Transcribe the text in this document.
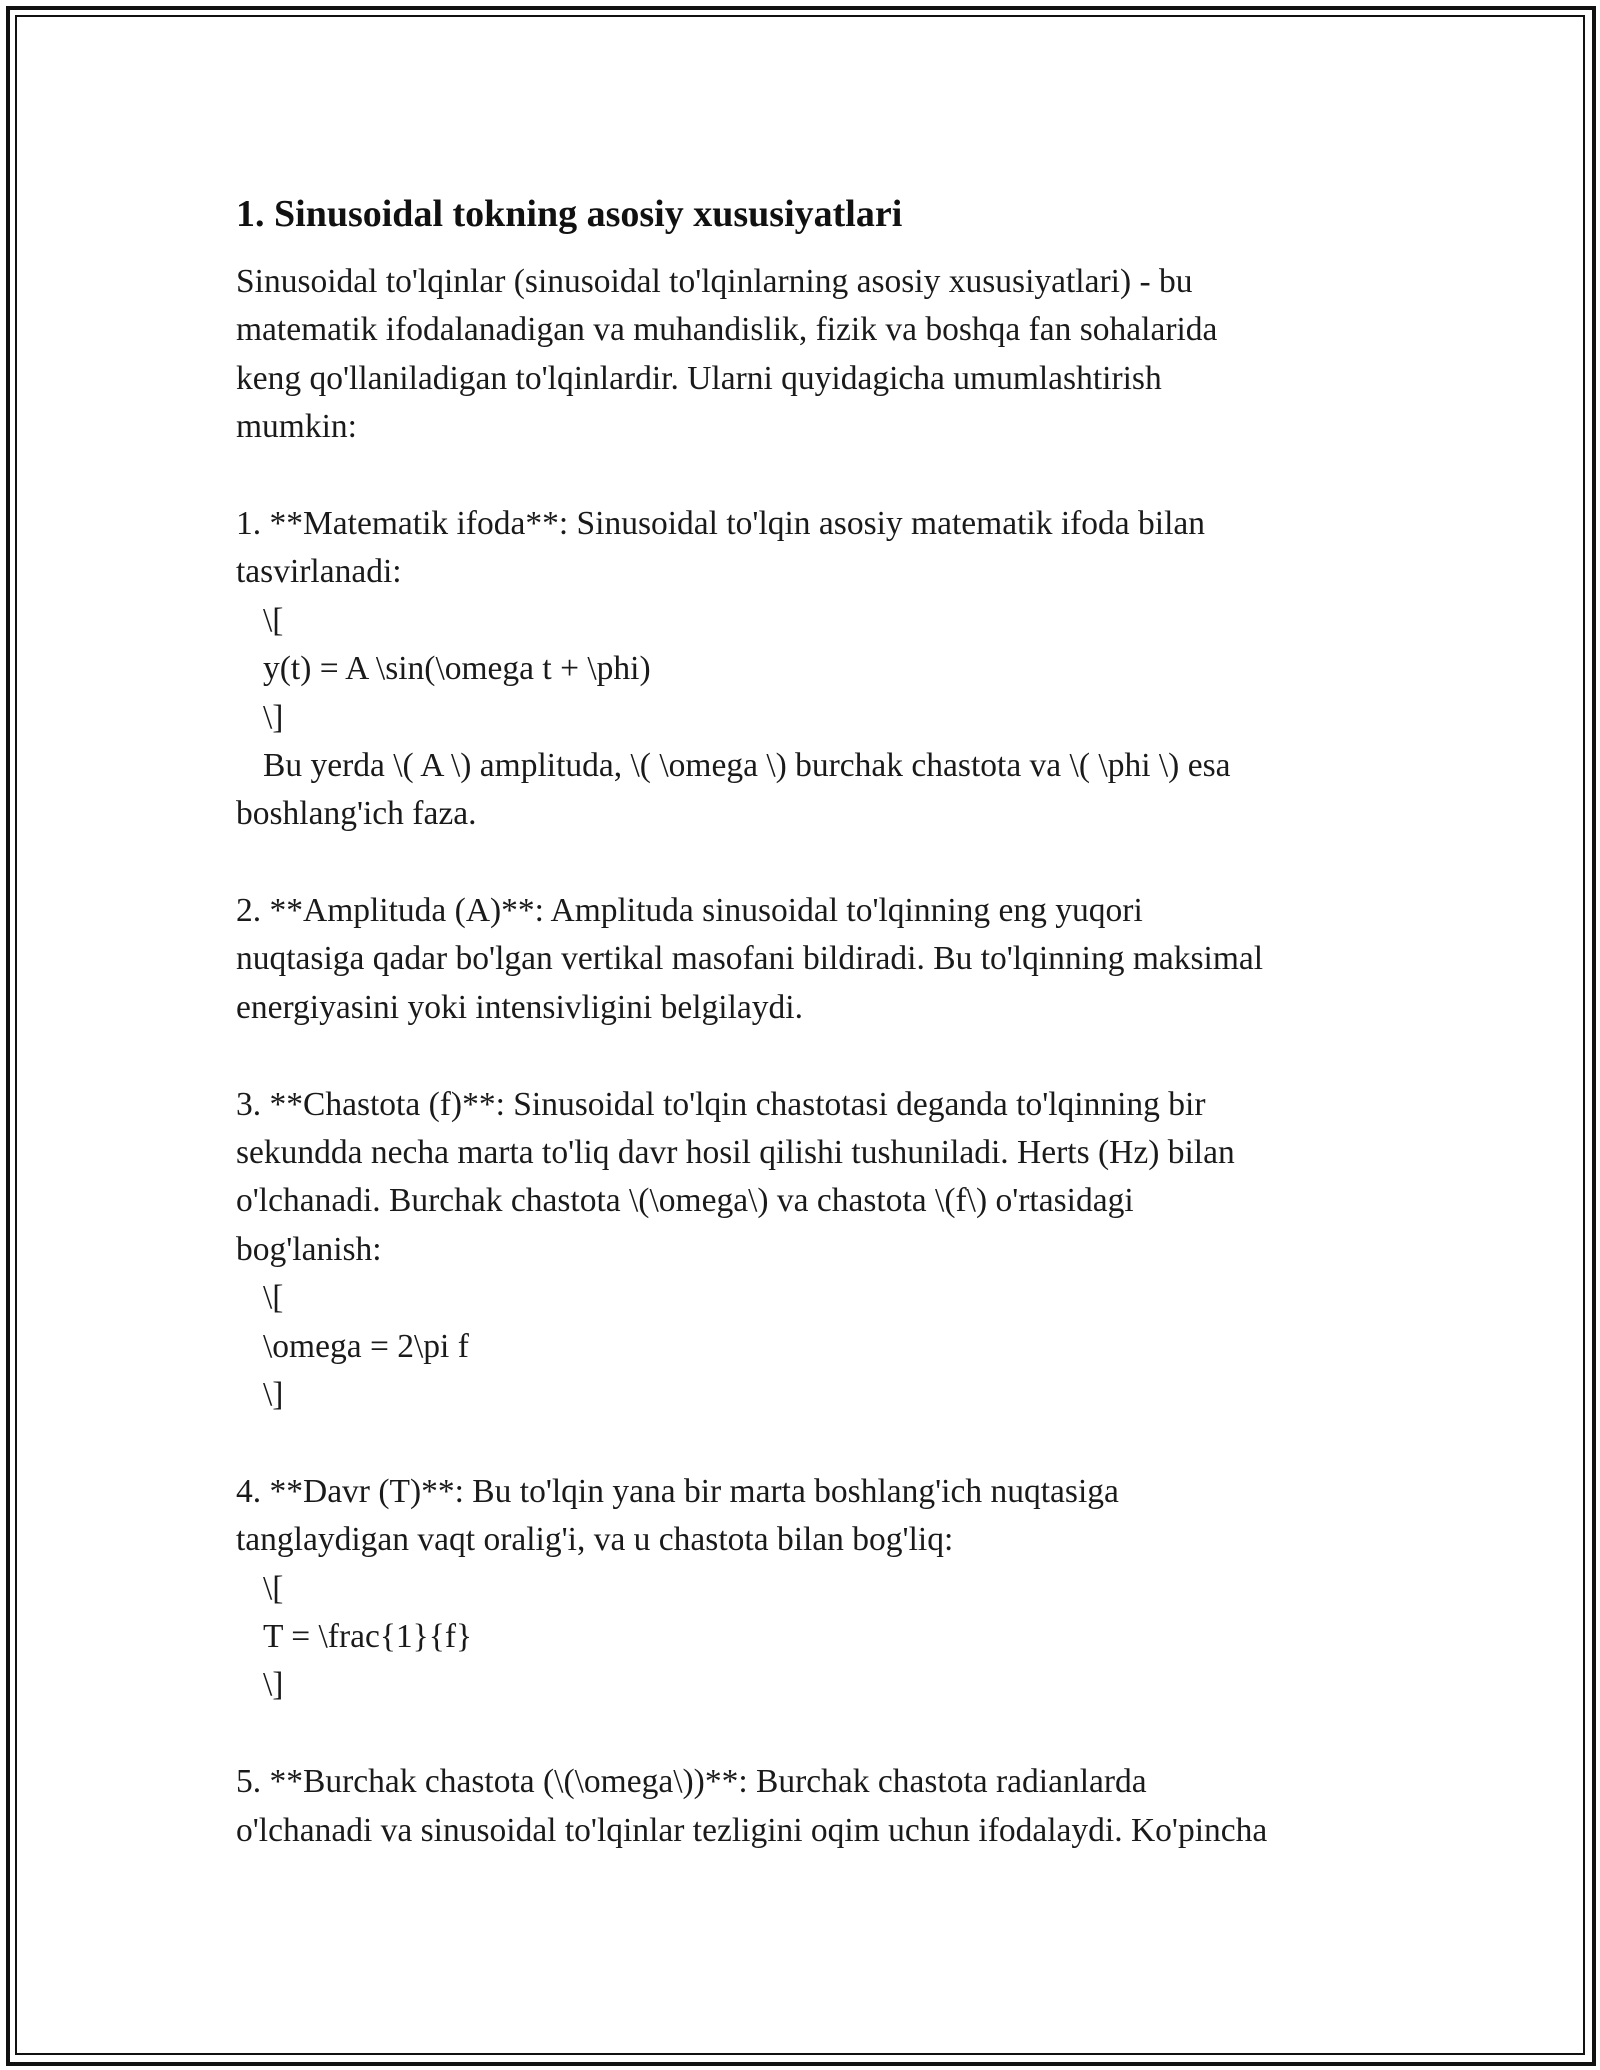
1. Sinusoidal tokning asosiy xususiyatlari
Sinusoidal to'lqinlar (sinusoidal to'lqinlarning asosiy xususiyatlari) - bu
matematik ifodalanadigan va muhandislik, fizik va boshqa fan sohalarida
keng qo'llaniladigan to'lqinlardir. Ularni quyidagicha umumlashtirish
mumkin:
1. **Matematik ifoda**: Sinusoidal to'lqin asosiy matematik ifoda bilan
tasvirlanadi:
\[
y(t) = A \sin(\omega t + \phi)
\]
Bu yerda \( A \) amplituda, \( \omega \) burchak chastota va \( \phi \) esa
boshlang'ich faza.
2. **Amplituda (A)**: Amplituda sinusoidal to'lqinning eng yuqori
nuqtasiga qadar bo'lgan vertikal masofani bildiradi. Bu to'lqinning maksimal
energiyasini yoki intensivligini belgilaydi.
3. **Chastota (f)**: Sinusoidal to'lqin chastotasi deganda to'lqinning bir
sekundda necha marta to'liq davr hosil qilishi tushuniladi. Herts (Hz) bilan
o'lchanadi. Burchak chastota \(\omega\) va chastota \(f\) o'rtasidagi
bog'lanish:
\[
\omega = 2\pi f
\]
4. **Davr (T)**: Bu to'lqin yana bir marta boshlang'ich nuqtasiga
tanglaydigan vaqt oralig'i, va u chastota bilan bog'liq:
\[
T = \frac{1}{f}
\]
5. **Burchak chastota (\(\omega\))**: Burchak chastota radianlarda
o'lchanadi va sinusoidal to'lqinlar tezligini oqim uchun ifodalaydi. Ko'pincha
